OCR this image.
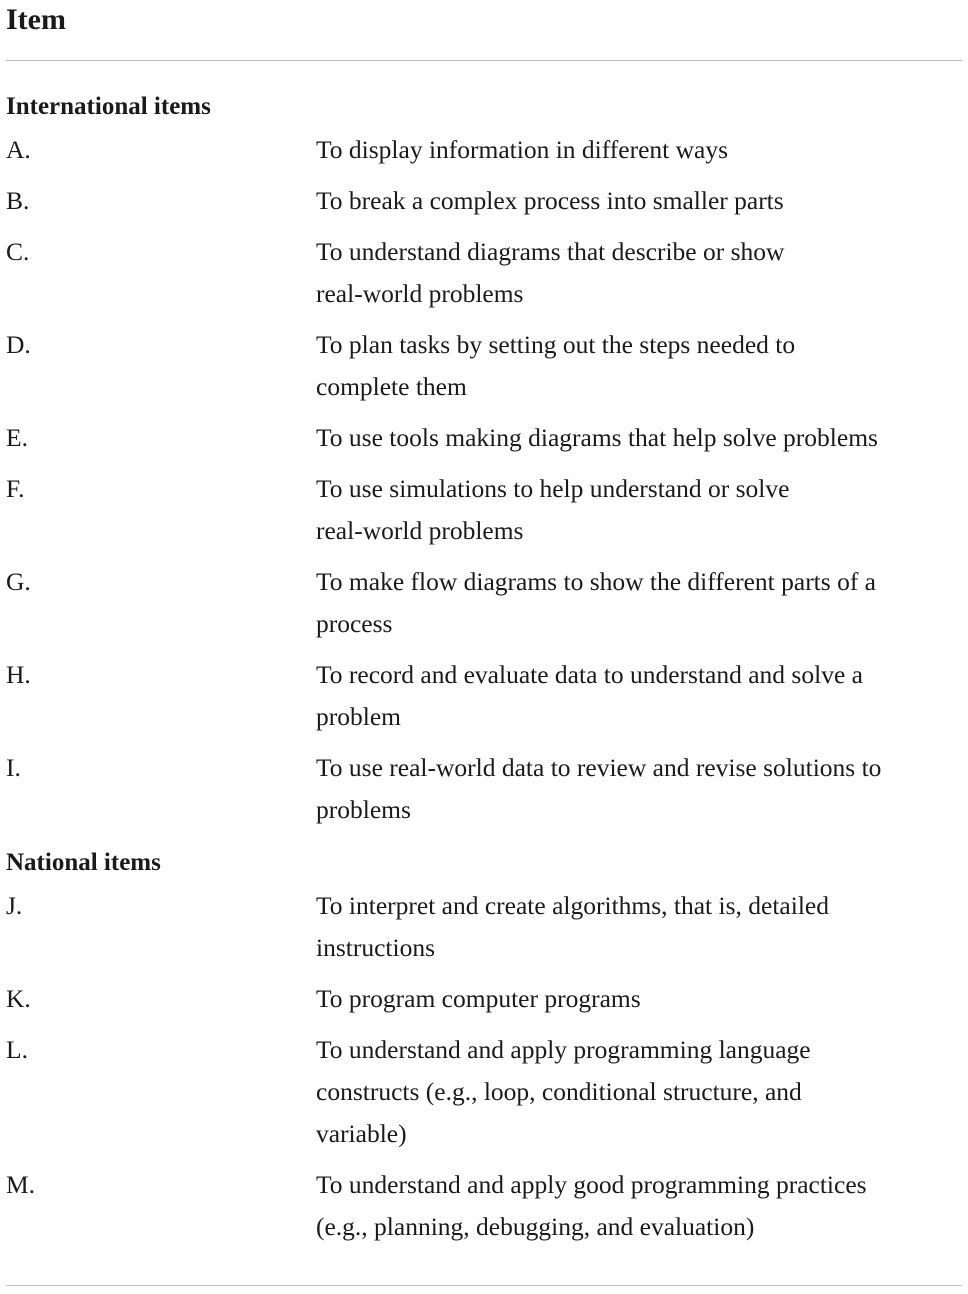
Item
International items
A.	To display information in different ways
B.	To break a complex process into smaller parts
C.	To understand diagrams that describe or show
real-world problems
D.	To plan tasks by setting out the steps needed to
complete them
E.	To use tools making diagrams that help solve problems
F.	To use simulations to help understand or solve
real-world problems
G.	To make flow diagrams to show the different parts of a
process
H.	To record and evaluate data to understand and solve a
problem
I.	To use real-world data to review and revise solutions to
problems
National items
J.	To interpret and create algorithms, that is, detailed
instructions
K.	To program computer programs
L.	To understand and apply programming language
constructs (e.g., loop, conditional structure, and
variable)
M.	To understand and apply good programming practices
(e.g., planning, debugging, and evaluation)
